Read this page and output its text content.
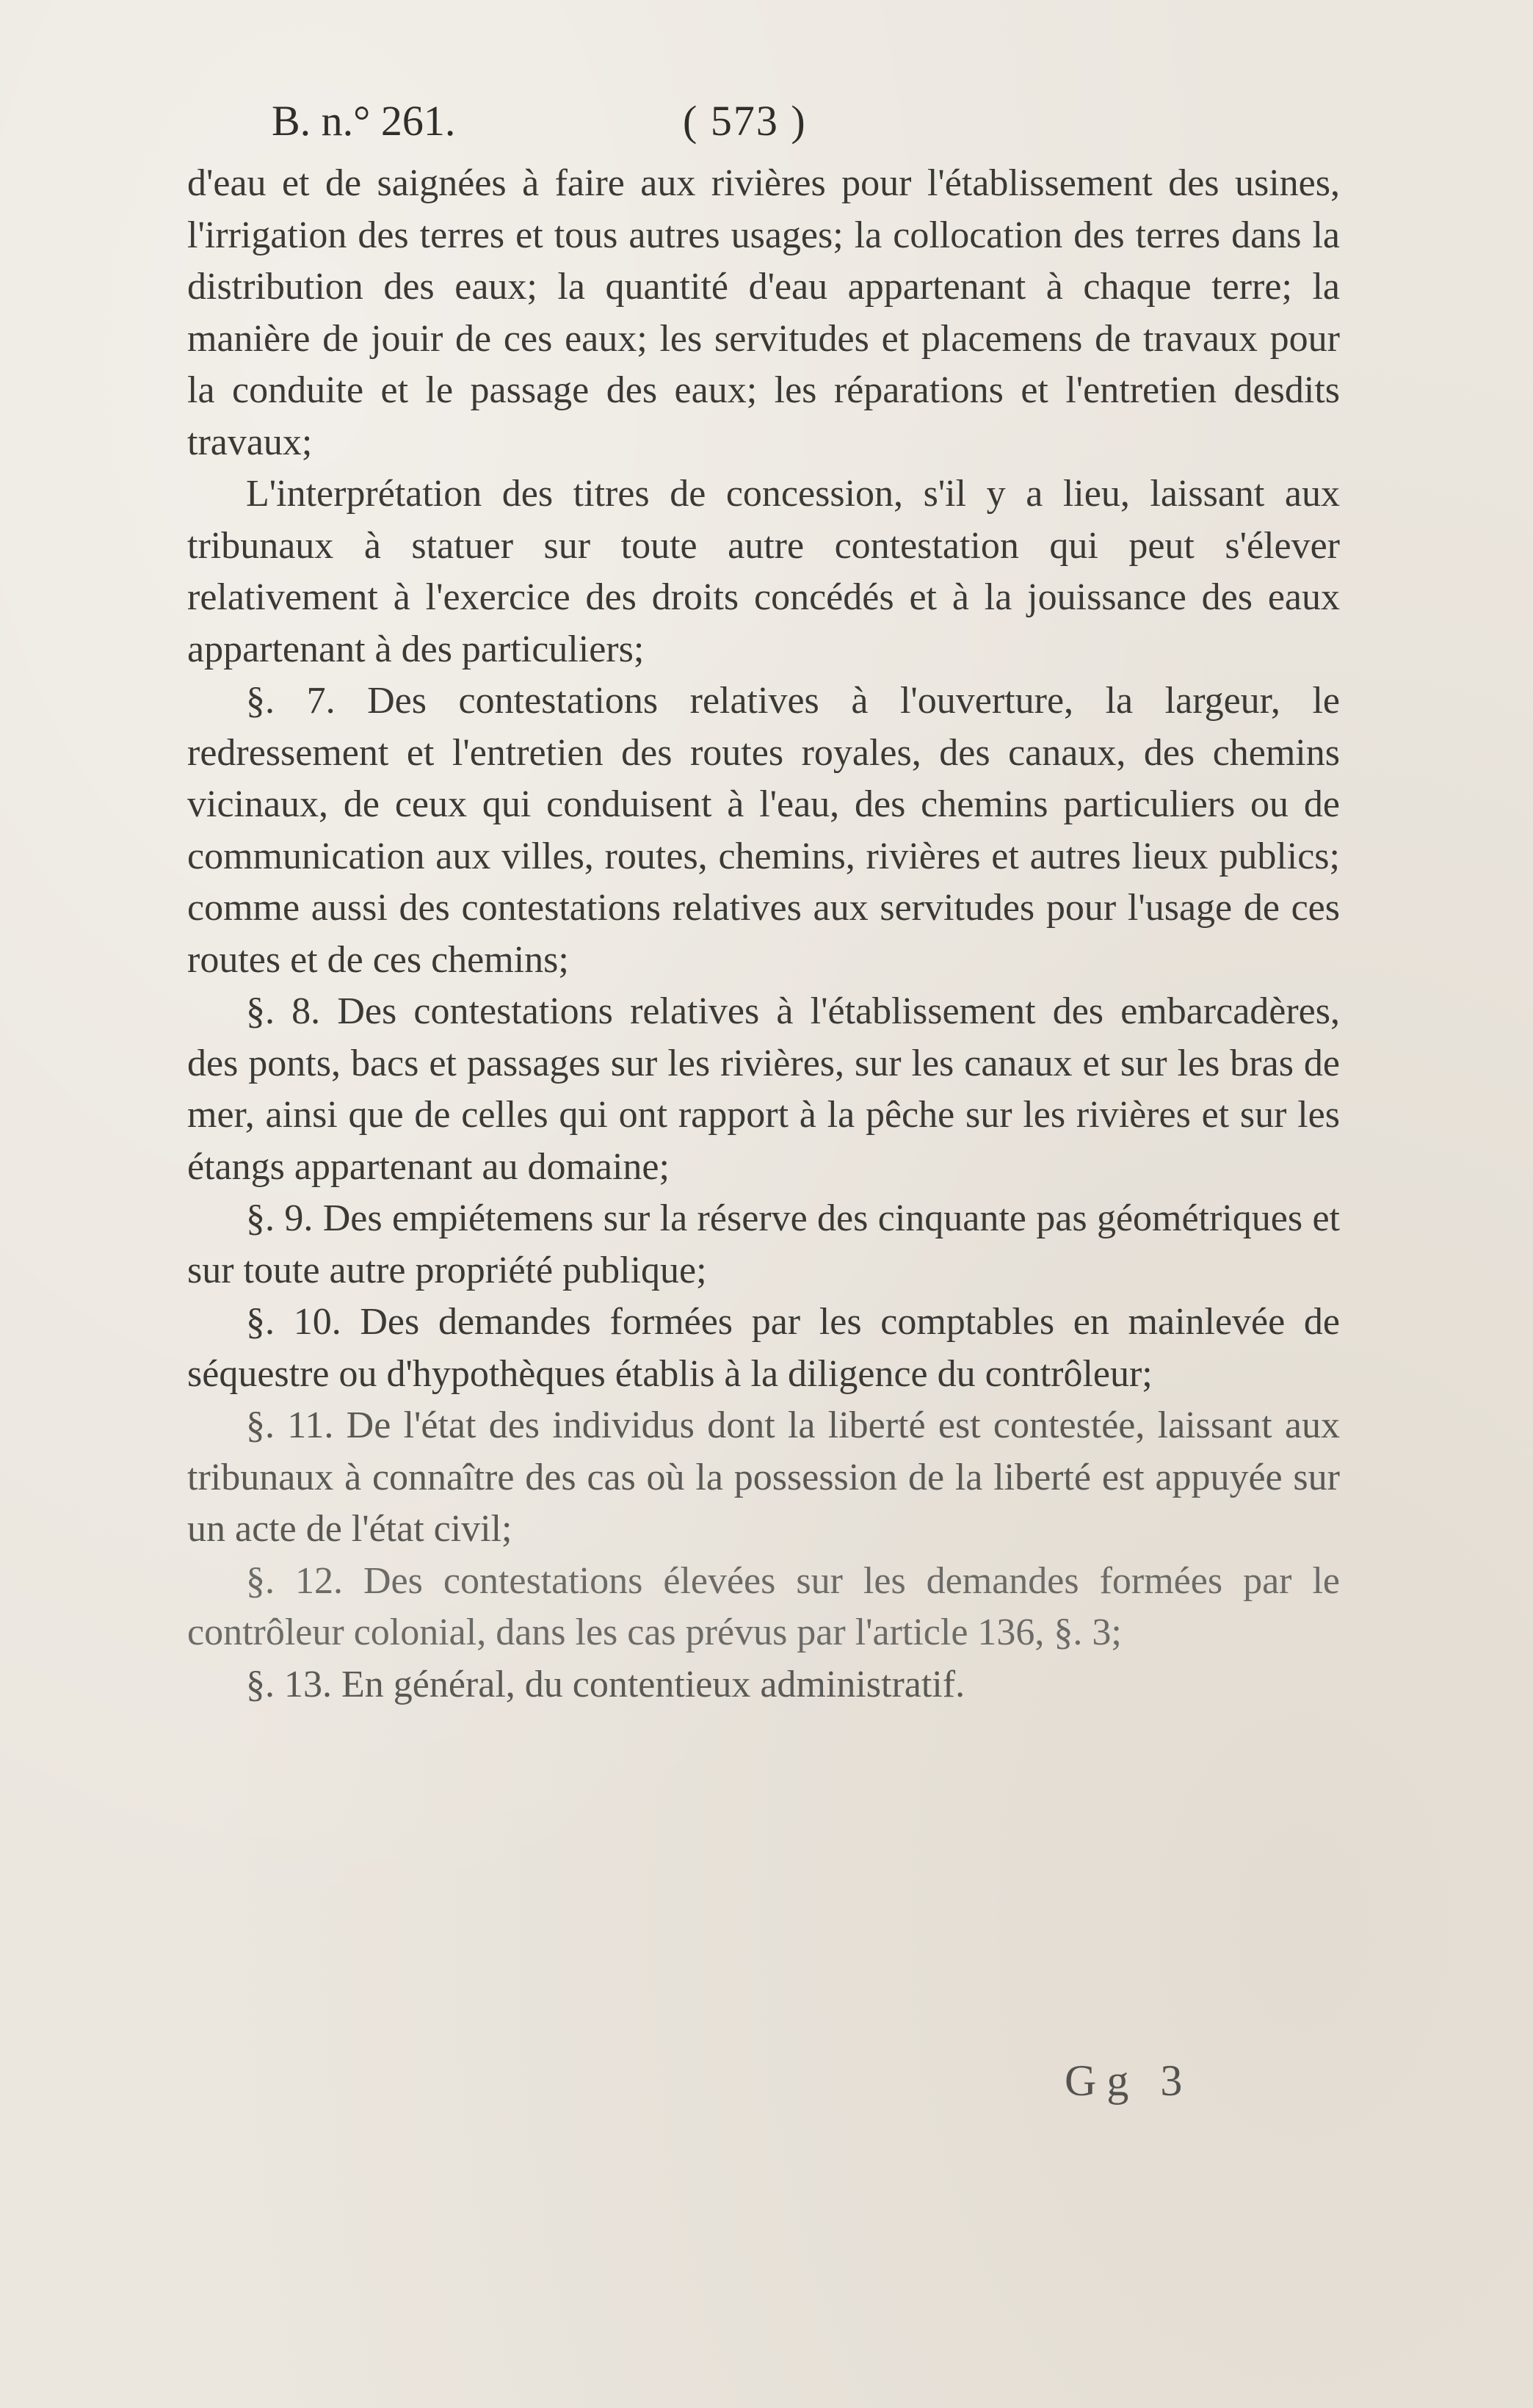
B. n.° 261.	( 573 )

d'eau et de saignées à faire aux rivières pour l'établissement des usines, l'irrigation des terres et tous autres usages; la collocation des terres dans la distribution des eaux; la quantité d'eau appartenant à chaque terre; la manière de jouir de ces eaux; les servitudes et placemens de travaux pour la conduite et le passage des eaux; les réparations et l'entretien desdits travaux;

L'interprétation des titres de concession, s'il y a lieu, laissant aux tribunaux à statuer sur toute autre contestation qui peut s'élever relativement à l'exercice des droits concédés et à la jouissance des eaux appartenant à des particuliers;

§. 7. Des contestations relatives à l'ouverture, la largeur, le redressement et l'entretien des routes royales, des canaux, des chemins vicinaux, de ceux qui conduisent à l'eau, des chemins particuliers ou de communication aux villes, routes, chemins, rivières et autres lieux publics; comme aussi des contestations relatives aux servitudes pour l'usage de ces routes et de ces chemins;

§. 8. Des contestations relatives à l'établissement des embarcadères, des ponts, bacs et passages sur les rivières, sur les canaux et sur les bras de mer, ainsi que de celles qui ont rapport à la pêche sur les rivières et sur les étangs appartenant au domaine;

§. 9. Des empiétemens sur la réserve des cinquante pas géométriques et sur toute autre propriété publique;

§. 10. Des demandes formées par les comptables en mainlevée de séquestre ou d'hypothèques établis à la diligence du contrôleur;

§. 11. De l'état des individus dont la liberté est contestée, laissant aux tribunaux à connaître des cas où la possession de la liberté est appuyée sur un acte de l'état civil;

§. 12. Des contestations élevées sur les demandes formées par le contrôleur colonial, dans les cas prévus par l'article 136, §. 3;

§. 13. En général, du contentieux administratif.

Gg 3
